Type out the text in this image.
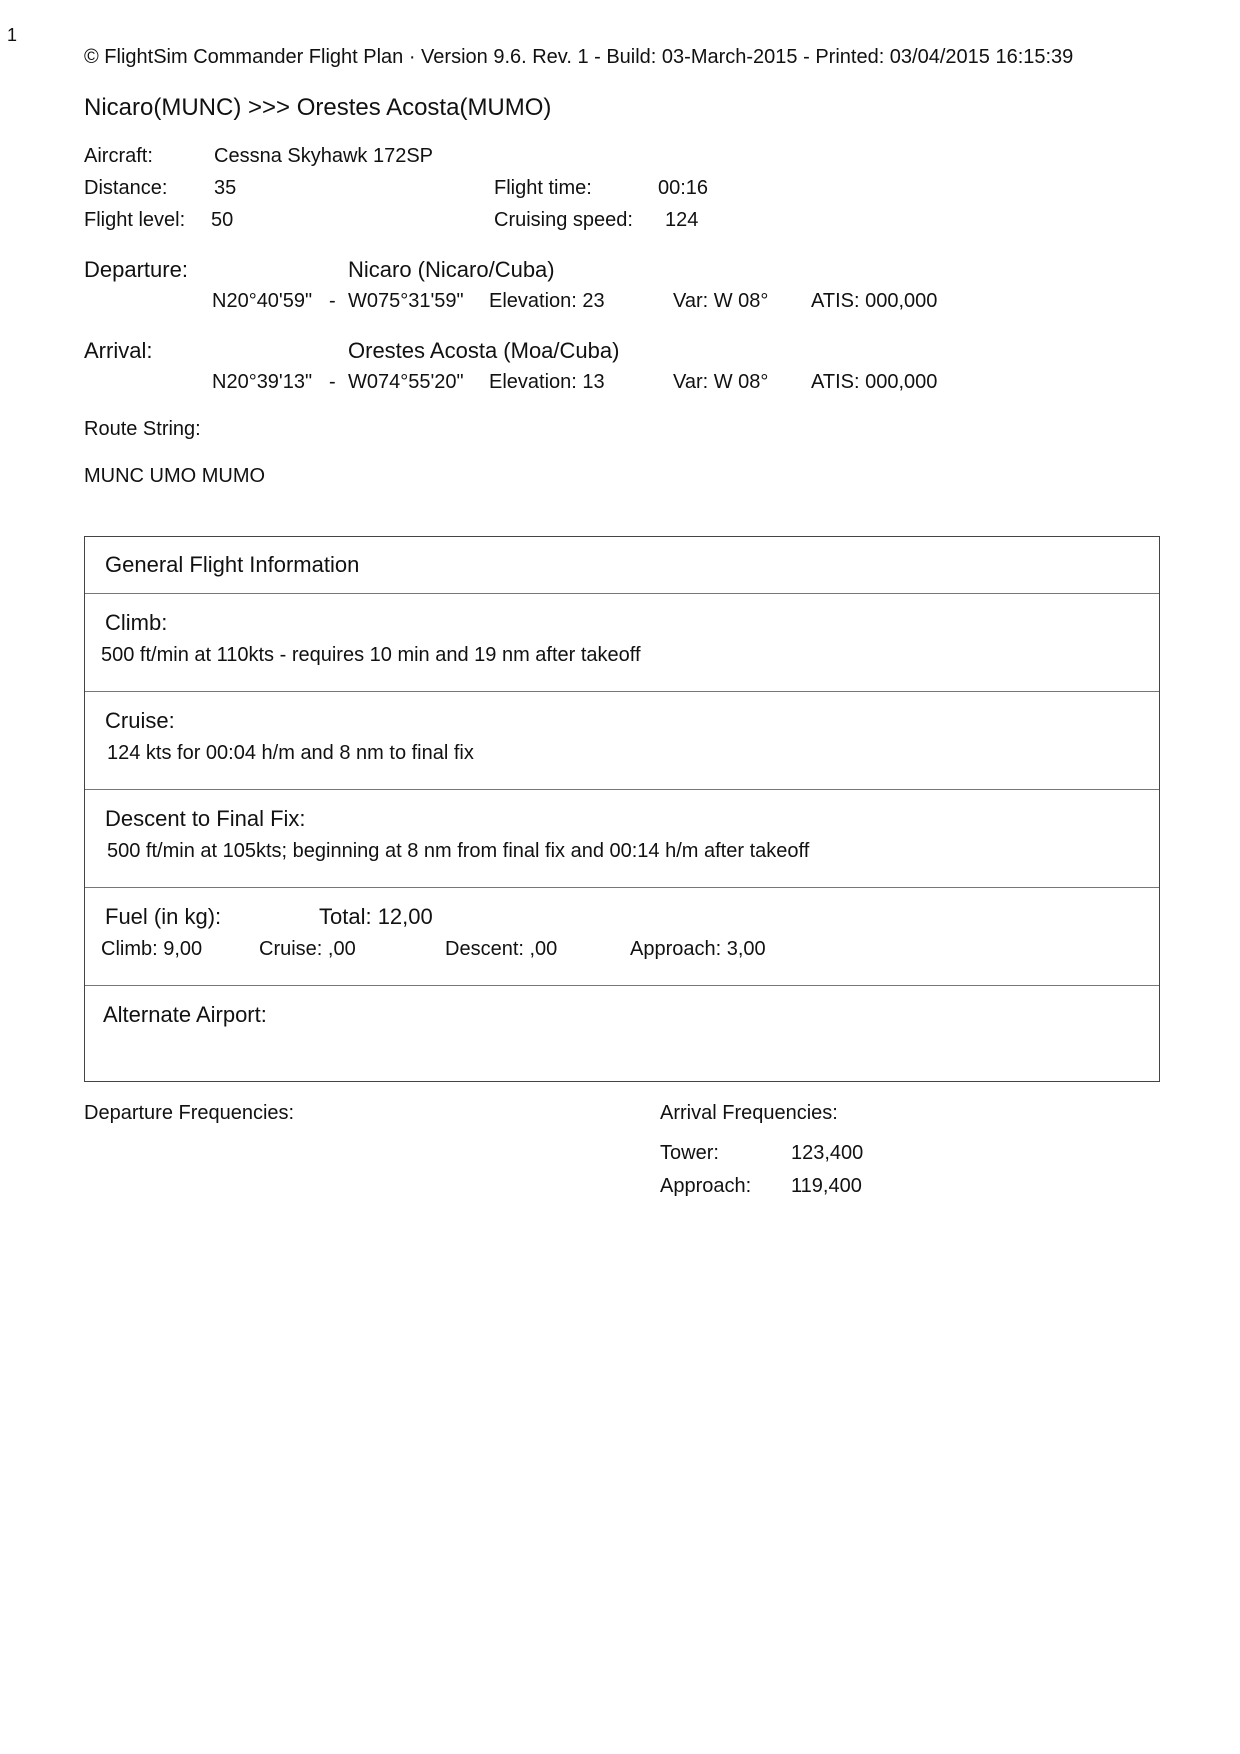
1
© FlightSim Commander Flight Plan · Version 9.6. Rev. 1 - Build: 03-March-2015 - Printed: 03/04/2015 16:15:39
Nicaro(MUNC) >>> Orestes Acosta(MUMO)
Aircraft:	Cessna Skyhawk 172SP
Distance: 35	Flight time:	00:16
Flight level: 50	Cruising speed: 124
Departure:	Nicaro (Nicaro/Cuba)
N20°40'59" - W075°31'59" Elevation: 23	Var: W 08° ATIS: 000,000
Arrival:	Orestes Acosta (Moa/Cuba)
N20°39'13" - W074°55'20" Elevation: 13	Var: W 08° ATIS: 000,000
Route String:
MUNC UMO MUMO
General Flight Information
Climb:
500 ft/min at 110kts - requires 10 min and 19 nm after takeoff
Cruise:
124 kts for 00:04 h/m and 8 nm to final fix
Descent to Final Fix:
500 ft/min at 105kts; beginning at 8 nm from final fix and 00:14 h/m after takeoff
Fuel (in kg):	Total: 12,00
Climb: 9,00	Cruise: ,00	Descent: ,00	Approach: 3,00
Alternate Airport:
Departure Frequencies:	Arrival Frequencies:
Tower:	123,400
Approach: 119,400
